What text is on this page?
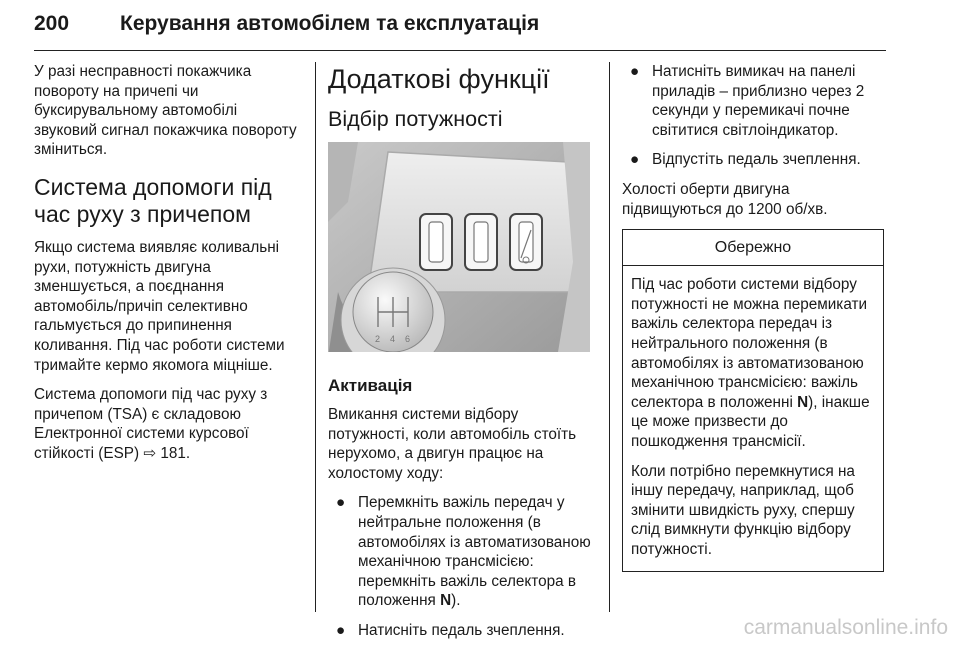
200 Керування автомобілем та експлуатація

У разі несправності покажчика повороту на причепі чи буксирувальному автомобілі звуковий сигнал покажчика повороту зміниться.

Система допомоги під час руху з причепом

Якщо система виявляє коливальні рухи, потужність двигуна зменшується, а поєднання автомобіль/причіп селективно гальмується до припинення коливання. Під час роботи системи тримайте кермо якомога міцніше.

Система допомоги під час руху з причепом (TSA) є складовою Електронної системи курсової стійкості (ESP) ⇨ 181.

Додаткові функції
Відбір потужності
2 4 6
Активація

Вмикання системи відбору потужності, коли автомобіль стоїть нерухомо, а двигун працює на холостому ходу:

● Перемкніть важіль передач у нейтральне положення (в автомобілях із автоматизованою механічною трансмісією: перемкніть важіль селектора в положення N).
● Натисніть педаль зчеплення.
● Натисніть вимикач на панелі приладів – приблизно через 2 секунди у перемикачі почне світитися світлоіндикатор.
● Відпустіть педаль зчеплення.

Холості оберти двигуна підвищуються до 1200 об/хв.

Обережно

Під час роботи системи відбору потужності не можна перемикати важіль селектора передач із нейтрального положення (в автомобілях із автоматизованою механічною трансмісією: важіль селектора в положенні N), інакше це може призвести до пошкодження трансмісії.

Коли потрібно перемкнутися на іншу передачу, наприклад, щоб змінити швидкість руху, спершу слід вимкнути функцію відбору потужності.

carmanualsonline.info
